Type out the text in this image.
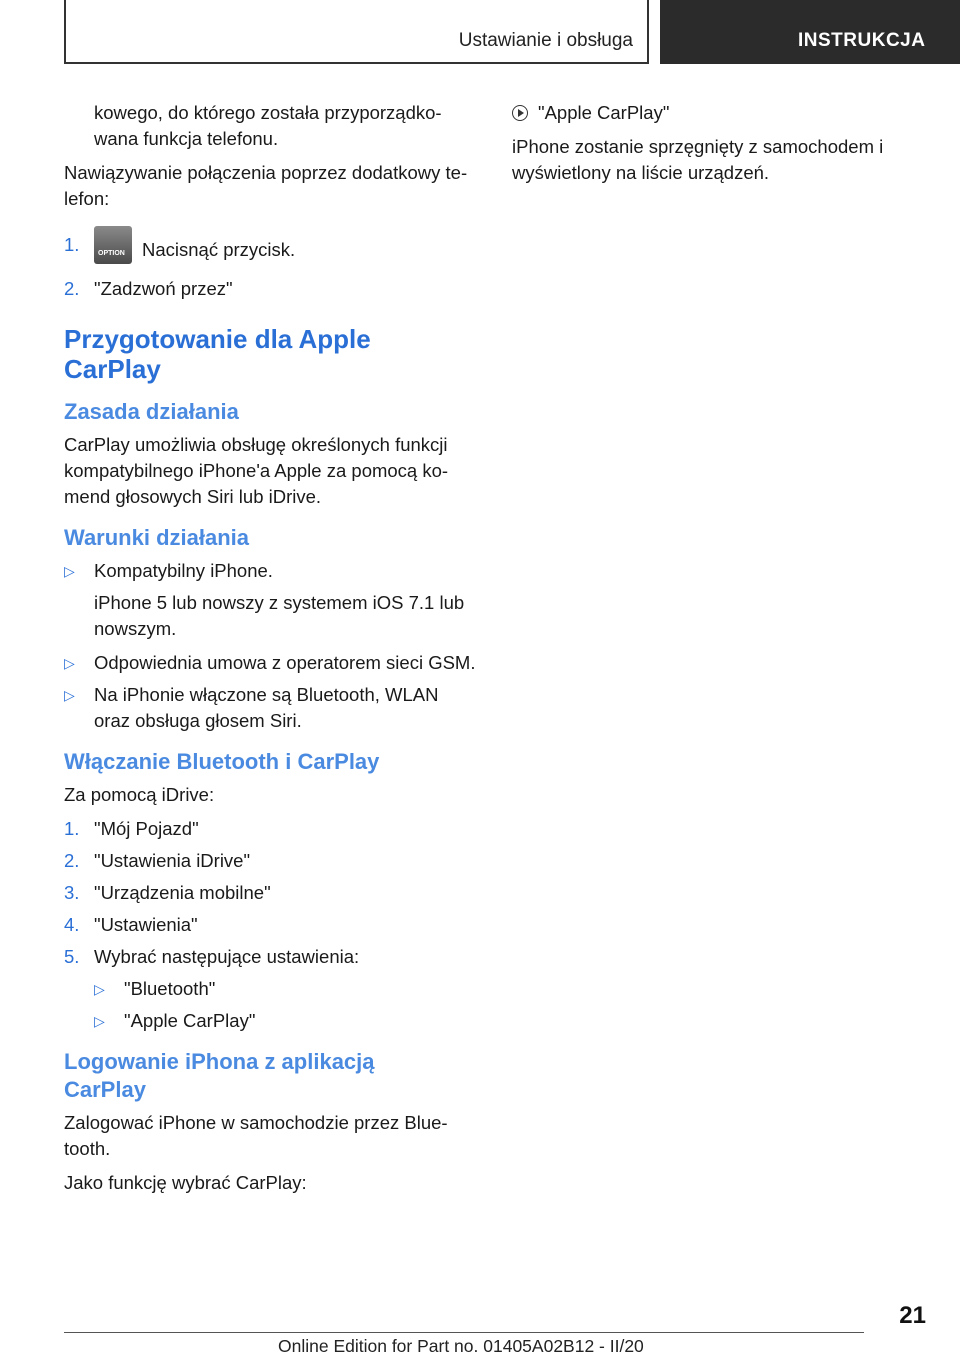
Ustawianie i obsługa	INSTRUKCJA

kowego, do którego została przyporządko-wana funkcja telefonu.

Nawiązywanie połączenia poprzez dodatkowy te-lefon:

1.	OPTION Nacisnąć przycisk.
2. "Zadzwoń przez"
Przygotowanie dla Apple CarPlay
Zasada działania

CarPlay umożliwia obsługę określonych funkcji kompatybilnego iPhone'a Apple za pomocą ko-mend głosowych Siri lub iDrive.

Warunki działania
▷ Kompatybilny iPhone.

iPhone 5 lub nowszy z systemem iOS 7.1 lub nowszym.

▷ Odpowiednia umowa z operatorem sieci GSM.
▷ Na iPhonie włączone są Bluetooth, WLAN oraz obsługa głosem Siri.
Włączanie Bluetooth i CarPlay

Za pomocą iDrive:

1. "Mój Pojazd"
2. "Ustawienia iDrive"
3. "Urządzenia mobilne"
4. "Ustawienia"
5. Wybrać następujące ustawienia:
▷ "Bluetooth"
▷ "Apple CarPlay"
Logowanie iPhona z aplikacją CarPlay

Zalogować iPhone w samochodzie przez Blue-tooth.

Jako funkcję wybrać CarPlay:

"Apple CarPlay"

iPhone zostanie sprzęgnięty z samochodem i wyświetlony na liście urządzeń.

21
Online Edition for Part no. 01405A02B12 - II/20
